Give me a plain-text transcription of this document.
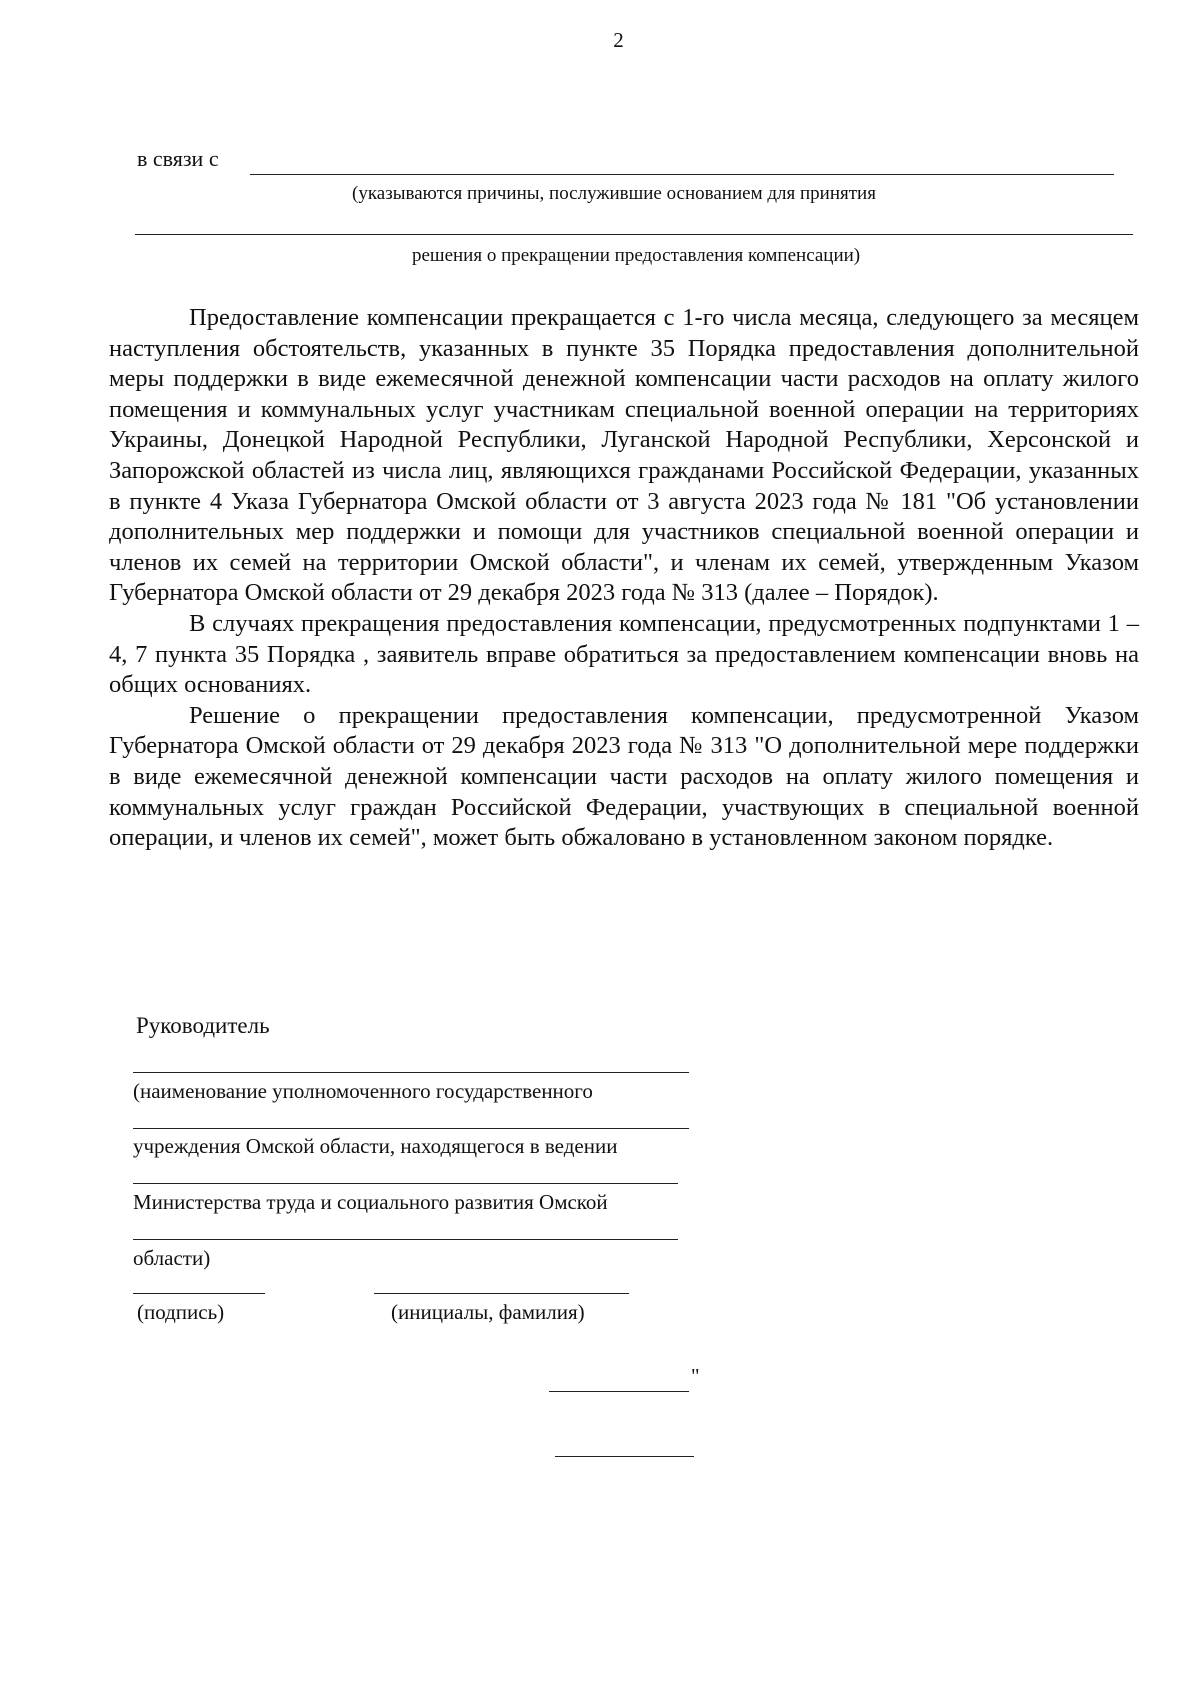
2
в связи с
(указываются причины, послужившие основанием для принятия
решения о прекращении предоставления компенсации)

Предоставление компенсации прекращается с 1-го числа месяца, следующего за месяцем наступления обстоятельств, указанных в пункте 35 Порядка предоставления дополнительной меры поддержки в виде ежемесячной денежной компенсации части расходов на оплату жилого помещения и коммунальных услуг участникам специальной военной операции на территориях Украины, Донецкой Народной Республики, Луганской Народной Республики, Херсонской и Запорожской областей из числа лиц, являющихся гражданами Российской Федерации, указанных в пункте 4 Указа Губернатора Омской области от 3 августа 2023 года № 181 "Об установлении дополнительных мер поддержки и помощи для участников специальной военной операции и членов их семей на территории Омской области", и членам их семей, утвержденным Указом Губернатора Омской области от 29 декабря 2023 года № 313 (далее – Порядок).

В случаях прекращения предоставления компенсации, предусмотренных подпунктами 1 – 4, 7 пункта 35 Порядка , заявитель вправе обратиться за предоставлением компенсации вновь на общих основаниях.

Решение о прекращении предоставления компенсации, предусмотренной Указом Губернатора Омской области от 29 декабря 2023 года № 313 "О дополнительной мере поддержки в виде ежемесячной денежной компенсации части расходов на оплату жилого помещения и коммунальных услуг граждан Российской Федерации, участвующих в специальной военной операции, и членов их семей", может быть обжаловано в установленном законом порядке.

Руководитель
(наименование уполномоченного государственного
учреждения Омской области, находящегося в ведении
Министерства труда и социального развития Омской
области)
(подпись)	(инициалы, фамилия)
"
